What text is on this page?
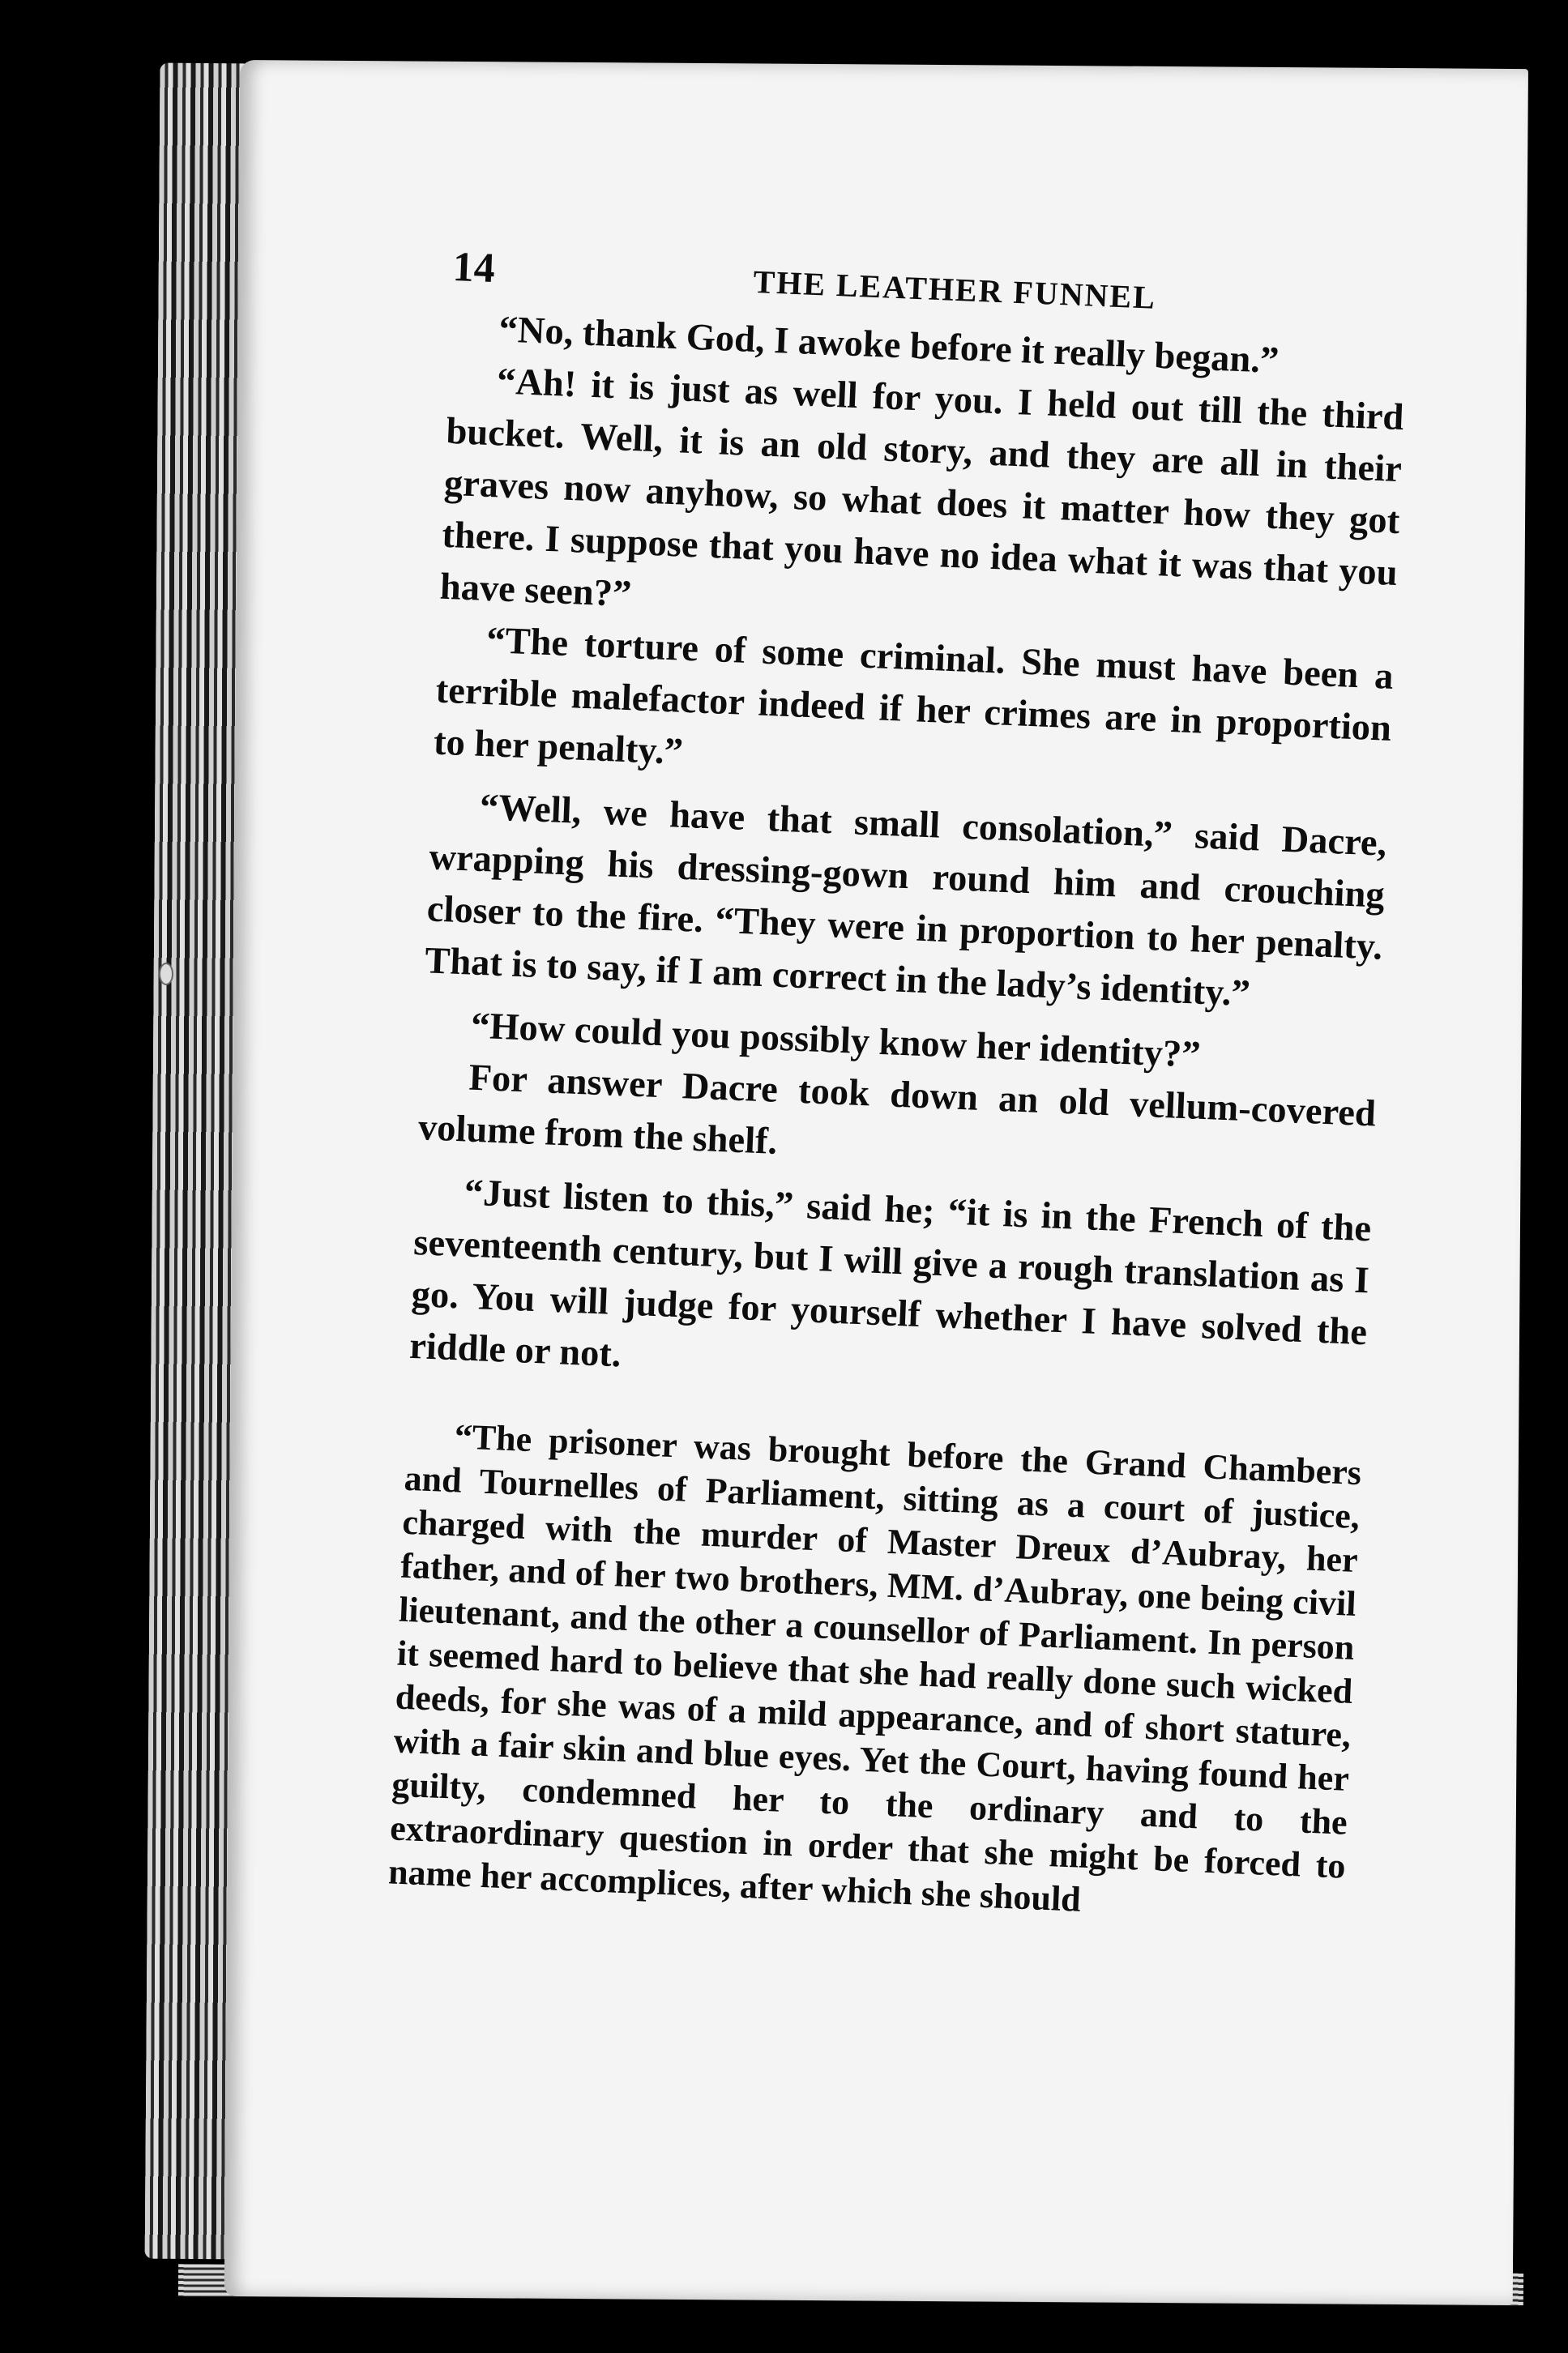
14	THE LEATHER FUNNEL

“No, thank God, I awoke before it really began.”

“Ah! it is just as well for you. I held out till the third bucket. Well, it is an old story, and they are all in their graves now anyhow, so what does it matter how they got there. I suppose that you have no idea what it was that you have seen?”

“The torture of some criminal. She must have been a terrible malefactor indeed if her crimes are in proportion to her penalty.”

“Well, we have that small consolation,” said Dacre, wrapping his dressing-gown round him and crouching closer to the fire. “They were in proportion to her penalty. That is to say, if I am correct in the lady’s identity.”

“How could you possibly know her identity?”

For answer Dacre took down an old vellum-covered volume from the shelf.

“Just listen to this,” said he; “it is in the French of the seventeenth century, but I will give a rough translation as I go. You will judge for yourself whether I have solved the riddle or not.

“The prisoner was brought before the Grand Chambers and Tournelles of Parliament, sitting as a court of justice, charged with the murder of Master Dreux d’Aubray, her father, and of her two brothers, MM. d’Aubray, one being civil lieutenant, and the other a counsellor of Parliament. In person it seemed hard to believe that she had really done such wicked deeds, for she was of a mild appearance, and of short stature, with a fair skin and blue eyes. Yet the Court, having found her guilty, condemned her to the ordinary and to the extraordinary question in order that she might be forced to name her accomplices, after which she should
